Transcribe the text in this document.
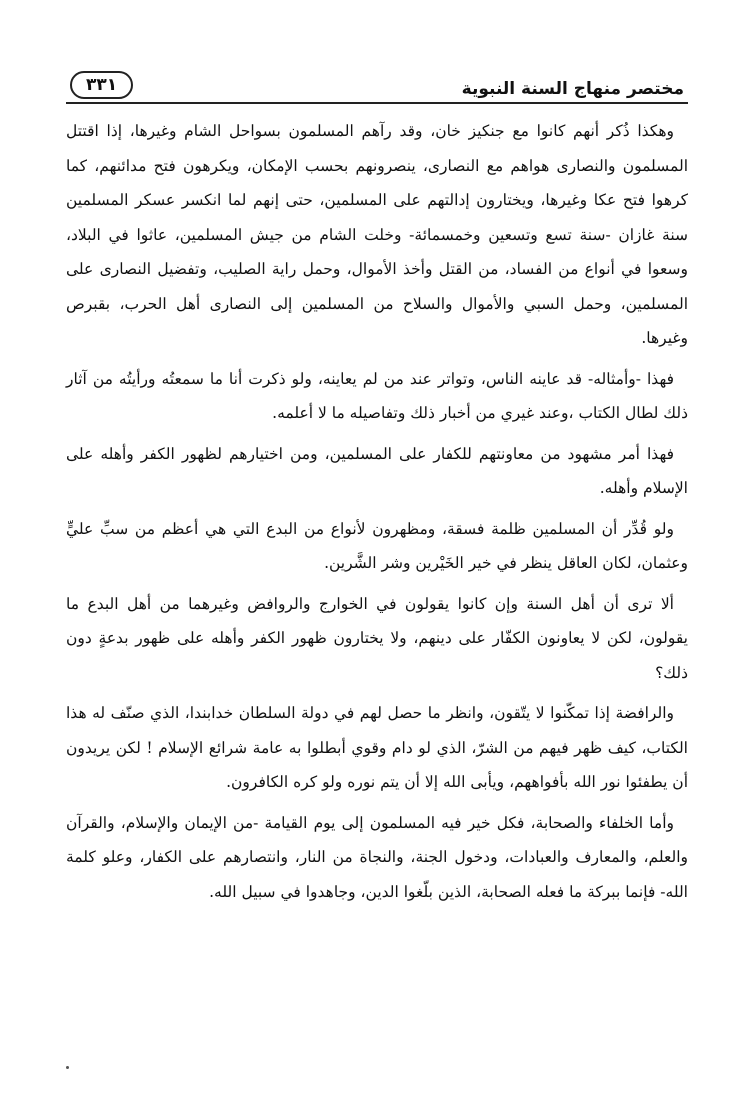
مختصر منهاج السنة النبوية
٣٣١

وهكذا ذُكر أنهم كانوا مع جنكيز خان، وقد رآهم المسلمون بسواحل الشام وغيرها، إذا اقتتل المسلمون والنصارى هواهم مع النصارى، ينصرونهم بحسب الإمكان، ويكرهون فتح مدائنهم، كما كرهوا فتح عكا وغيرها، ويختارون إدالتهم على المسلمين، حتى إنهم لما انكسر عسكر المسلمين سنة غازان -سنة تسع وتسعين وخمسمائة- وخلت الشام من جيش المسلمين، عاثوا في البلاد، وسعوا في أنواع من الفساد، من القتل وأخذ الأموال، وحمل راية الصليب، وتفضيل النصارى على المسلمين، وحمل السبي والأموال والسلاح من المسلمين إلى النصارى أهل الحرب، بقبرص وغيرها.

فهذا -وأمثاله- قد عاينه الناس، وتواتر عند من لم يعاينه، ولو ذكرت أنا ما سمعتُه ورأيتُه من آثار ذلك لطال الكتاب ،وعند غيري من أخبار ذلك وتفاصيله ما لا أعلمه.

فهذا أمر مشهود من معاونتهم للكفار على المسلمين، ومن اختيارهم لظهور الكفر وأهله على الإسلام وأهله.

ولو قُدِّر أن المسلمين ظلمة فسقة، ومظهرون لأنواع من البدع التي هي أعظم من سبِّ عليٍّ وعثمان، لكان العاقل ينظر في خير الخَيْرين وشر الشَّرين.

ألا ترى أن أهل السنة وإن كانوا يقولون في الخوارج والروافض وغيرهما من أهل البدع ما يقولون، لكن لا يعاونون الكفّار على دينهم، ولا يختارون ظهور الكفر وأهله على ظهور بدعةٍ دون ذلك؟

والرافضة إذا تمكّنوا لا يتّقون، وانظر ما حصل لهم في دولة السلطان خدابندا، الذي صنّف له هذا الكتاب، كيف ظهر فيهم من الشرّ، الذي لو دام وقوي أبطلوا به عامة شرائع الإسلام ! لكن يريدون أن يطفئوا نور الله بأفواههم، ويأبى الله إلا أن يتم نوره ولو كره الكافرون.

وأما الخلفاء والصحابة، فكل خير فيه المسلمون إلى يوم القيامة -من الإيمان والإسلام، والقرآن والعلم، والمعارف والعبادات، ودخول الجنة، والنجاة من النار، وانتصارهم على الكفار، وعلو كلمة الله- فإنما ببركة ما فعله الصحابة، الذين بلّغوا الدين، وجاهدوا في سبيل الله.
